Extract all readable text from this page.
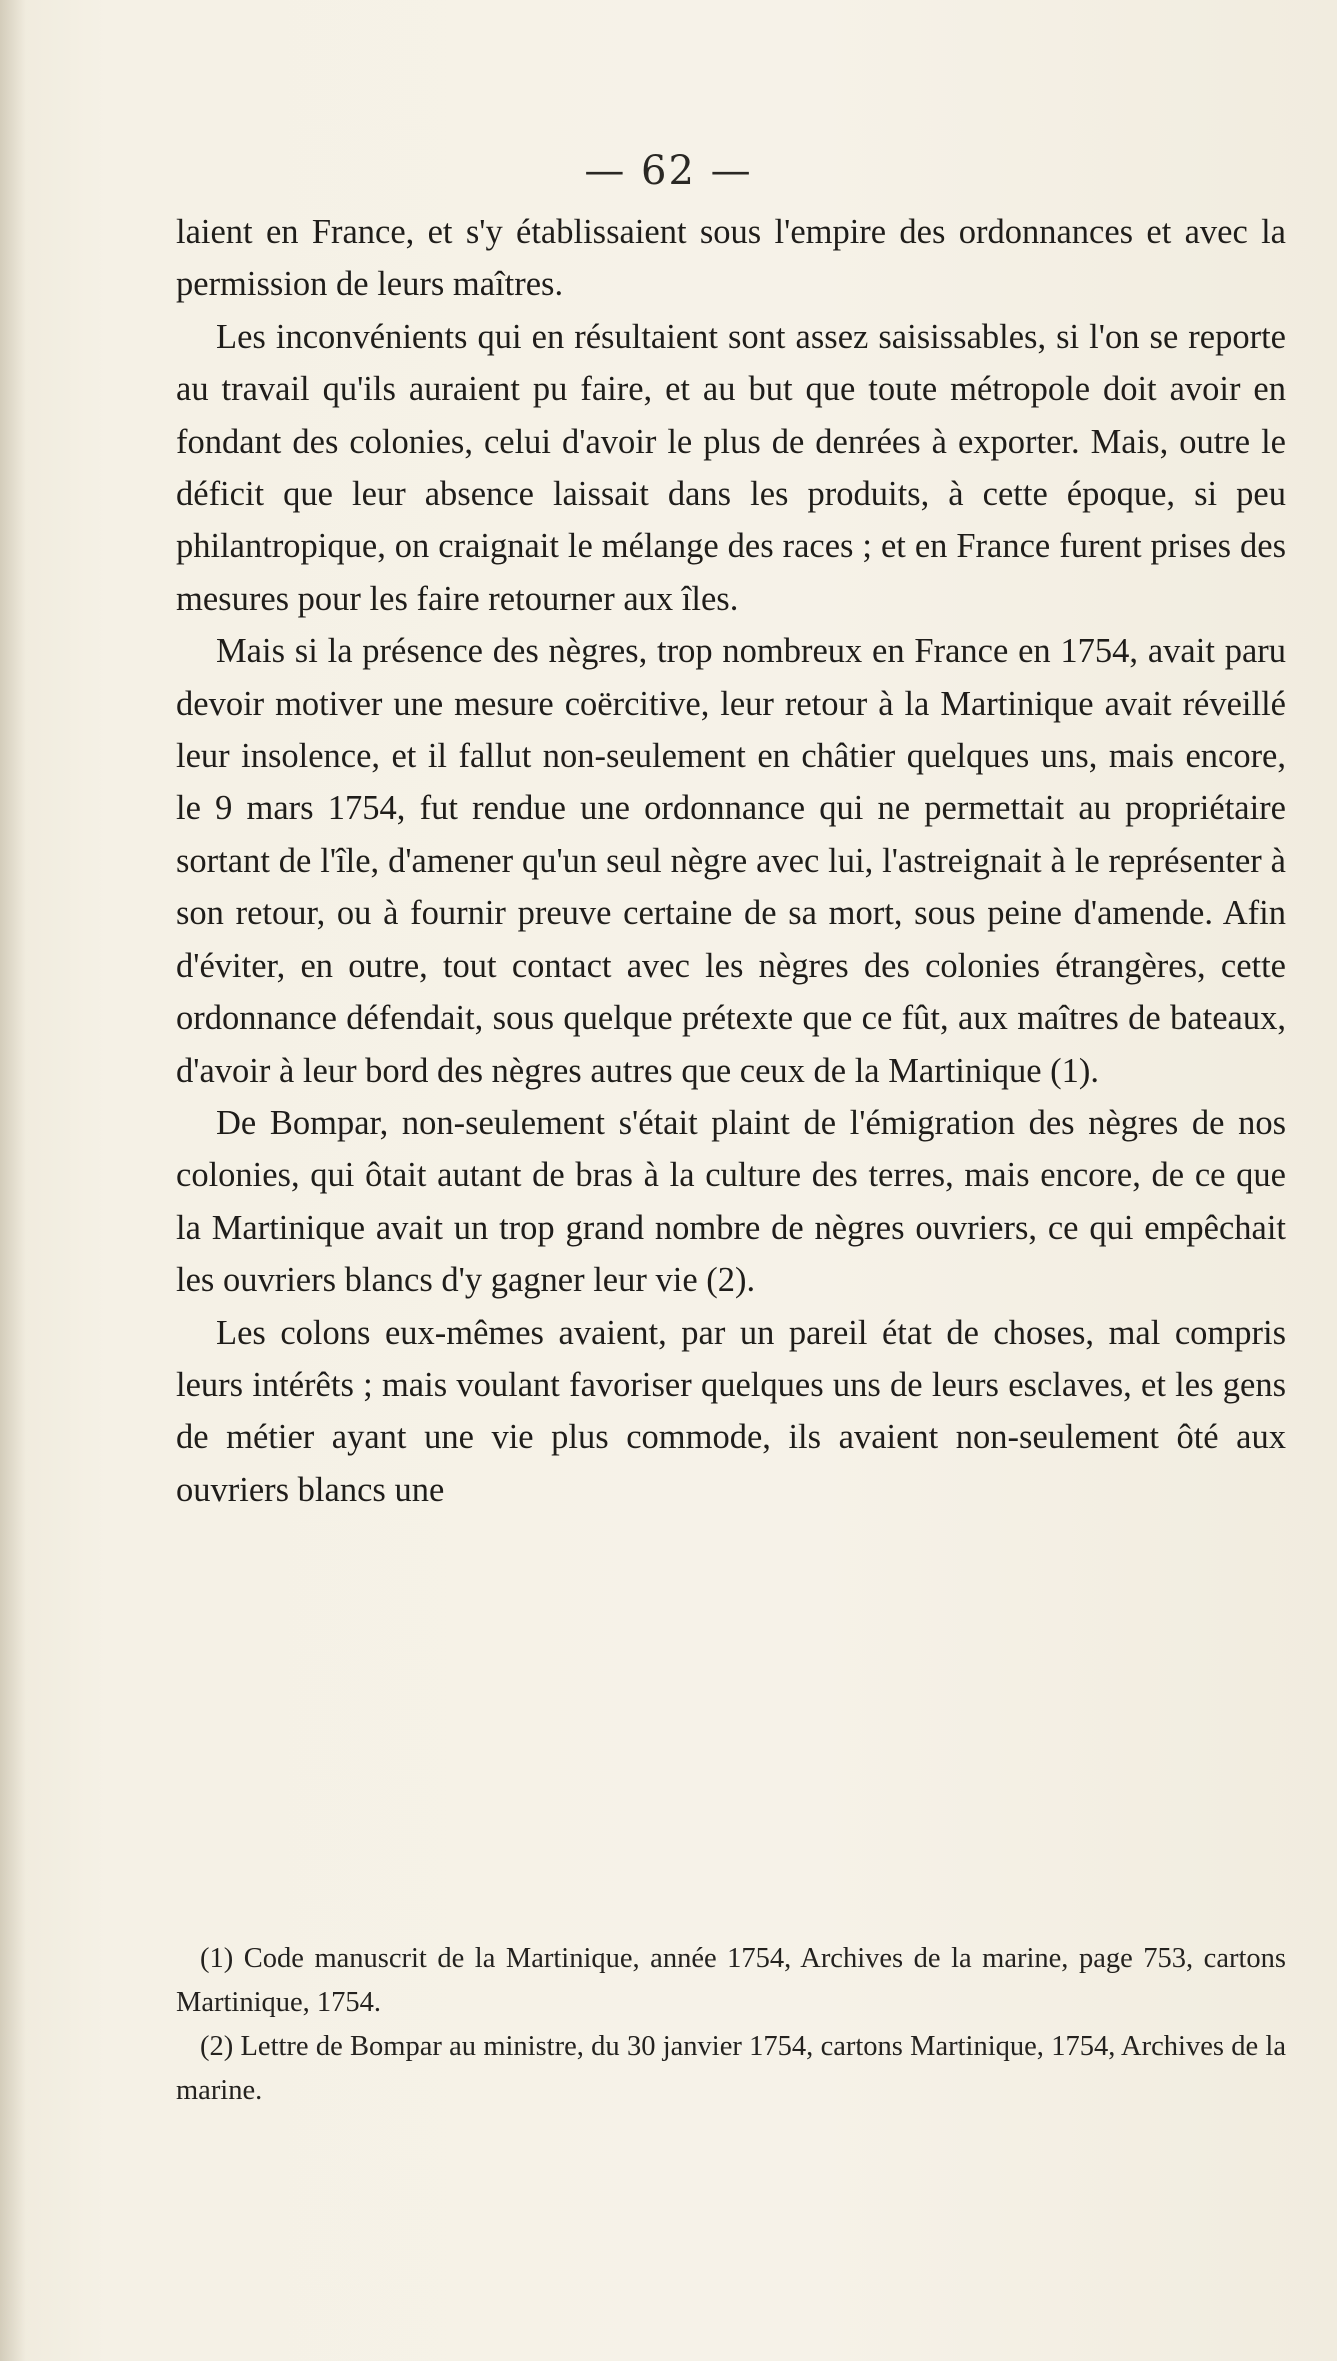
— 62 —

laient en France, et s'y établissaient sous l'empire des ordonnances et avec la permission de leurs maîtres.

Les inconvénients qui en résultaient sont assez saisissables, si l'on se reporte au travail qu'ils auraient pu faire, et au but que toute métropole doit avoir en fondant des colonies, celui d'avoir le plus de denrées à exporter. Mais, outre le déficit que leur absence laissait dans les produits, à cette époque, si peu philantropique, on craignait le mélange des races ; et en France furent prises des mesures pour les faire retourner aux îles.

Mais si la présence des nègres, trop nombreux en France en 1754, avait paru devoir motiver une mesure coërcitive, leur retour à la Martinique avait réveillé leur insolence, et il fallut non-seulement en châtier quelques uns, mais encore, le 9 mars 1754, fut rendue une ordonnance qui ne permettait au propriétaire sortant de l'île, d'amener qu'un seul nègre avec lui, l'astreignait à le représenter à son retour, ou à fournir preuve certaine de sa mort, sous peine d'amende. Afin d'éviter, en outre, tout contact avec les nègres des colonies étrangères, cette ordonnance défendait, sous quelque prétexte que ce fût, aux maîtres de bateaux, d'avoir à leur bord des nègres autres que ceux de la Martinique (1).

De Bompar, non-seulement s'était plaint de l'émigration des nègres de nos colonies, qui ôtait autant de bras à la culture des terres, mais encore, de ce que la Martinique avait un trop grand nombre de nègres ouvriers, ce qui empêchait les ouvriers blancs d'y gagner leur vie (2).

Les colons eux-mêmes avaient, par un pareil état de choses, mal compris leurs intérêts ; mais voulant favoriser quelques uns de leurs esclaves, et les gens de métier ayant une vie plus commode, ils avaient non-seulement ôté aux ouvriers blancs une

(1) Code manuscrit de la Martinique, année 1754, Archives de la marine, page 753, cartons Martinique, 1754.

(2) Lettre de Bompar au ministre, du 30 janvier 1754, cartons Martinique, 1754, Archives de la marine.
